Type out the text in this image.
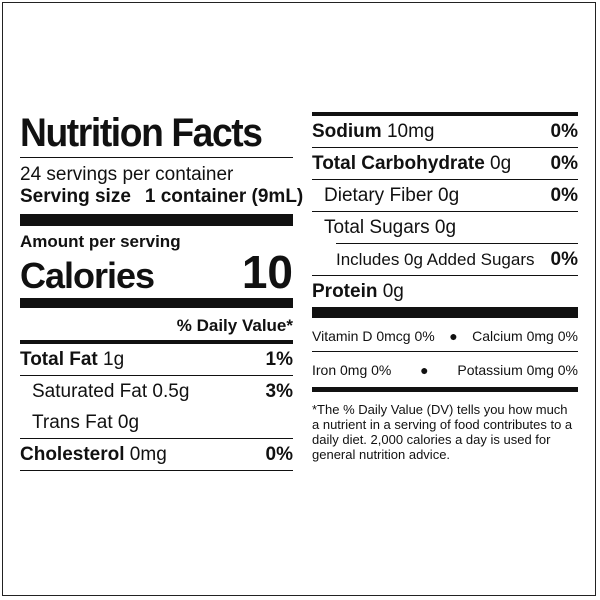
Nutrition Facts
24 servings per container
Serving size 1 container (9mL)
Amount per serving
Calories 10
% Daily Value*
Total Fat 1g	1%
Saturated Fat 0.5g	3%
Trans Fat 0g
Cholesterol 0mg	0%
Sodium 10mg	0%
Total Carbohydrate 0g 0%
Dietary Fiber 0g	0%
Total Sugars 0g
Includes 0g Added Sugars 0%
Protein 0g
Vitamin D 0mcg 0% ● Calcium 0mg 0%
Iron 0mg 0% ● Potassium 0mg 0%
*The % Daily Value (DV) tells you how much a nutrient in a serving of food contributes to a daily diet. 2,000 calories a day is used for general nutrition advice.
